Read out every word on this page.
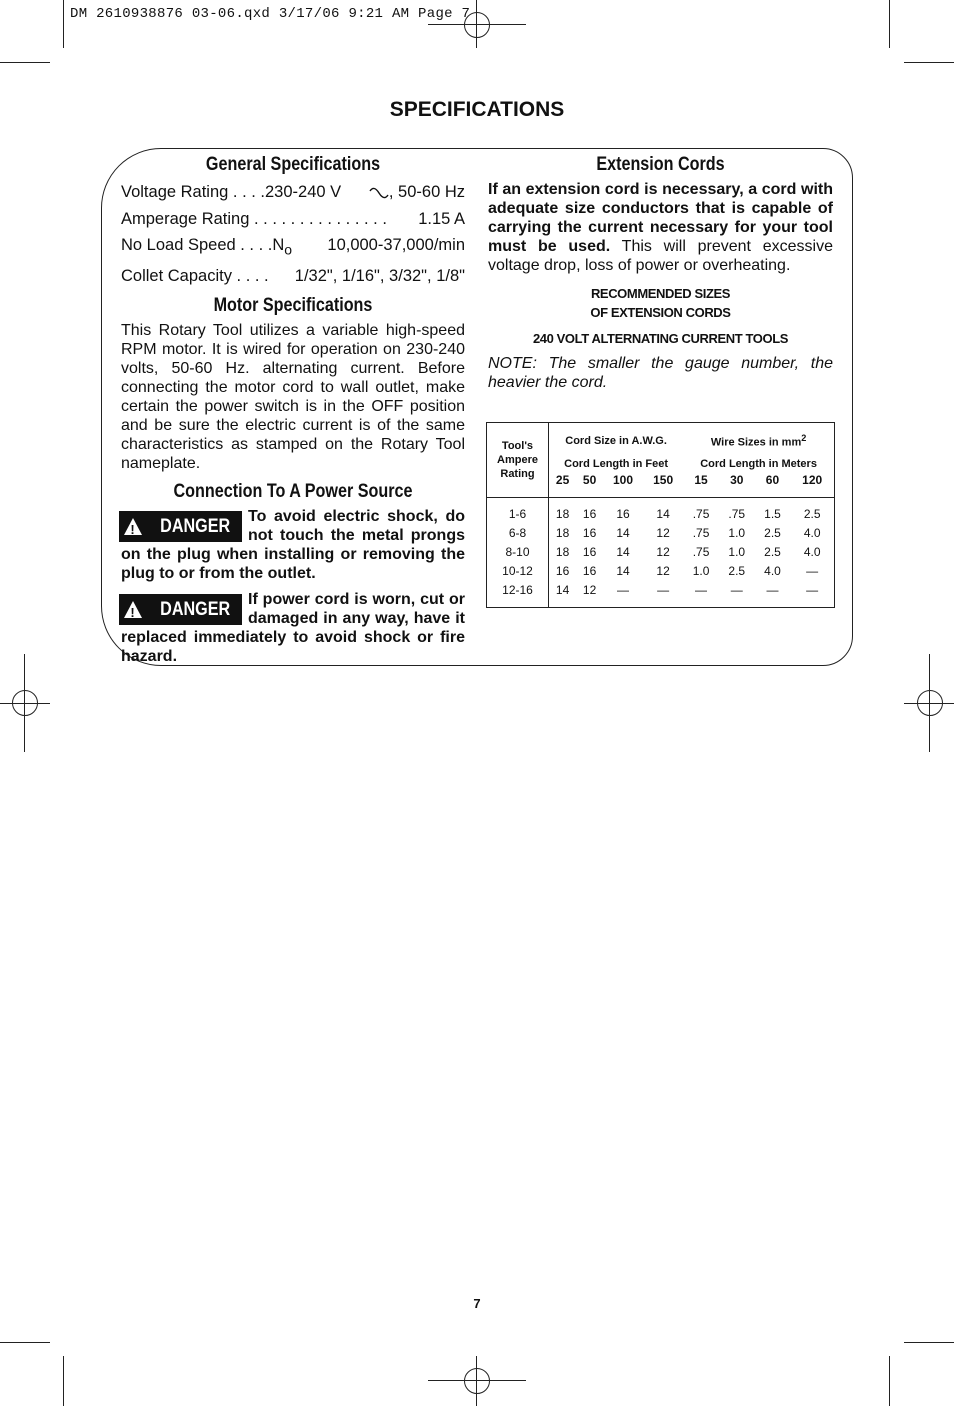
DM 2610938876 03-06.qxd 3/17/06 9:21 AM Page 7
SPECIFICATIONS
General Specifications
Voltage Rating . . . .230-240 V	, 50-60 Hz
Amperage Rating . . . . . . . . . . . . . . . 1.15 A
No Load Speed . . . $.N_o$ 10,000-37,000/min
Collet Capacity . . . . 1/32", 1/16", 3/32", 1/8"
Motor Specifications

This Rotary Tool utilizes a variable high-speed RPM motor. It is wired for operation on 230-240 volts, 50-60 Hz. alternating current. Before connecting the motor cord to wall outlet, make certain the power switch is in the OFF position and be sure the electric current is of the same characteristics as stamped on the Rotary Tool nameplate.

Connection To A Power Source
! DANGER To avoid electric shock, do not touch the metal prongs on the plug when installing or removing the plug to or from the outlet.
! DANGER If power cord is worn, cut or damaged in any way, have it replaced immediately to avoid shock or fire hazard.
Extension Cords

If an extension cord is necessary, a cord with adequate size conductors that is capable of carrying the current necessary for your tool must be used. This will prevent excessive voltage drop, loss of power or overheating.

RECOMMENDED SIZES
OF EXTENSION CORDS
240 VOLT ALTERNATING CURRENT TOOLS

NOTE: The smaller the gauge number, the heavier the cord.

Tool's
Ampere
Rating	Cord Size in A.W.G.				Wire Sizes in $mm^2$
	Cord Length in Feet				Cord Length in Meters			
	25	50	100	150	15	30	60	120
1-6	18	16	16	14	.75	.75	1.5	2.5
6-8	18	16	14	12	.75	1.0	2.5	4.0
8-10	18	16	14	12	.75	1.0	2.5	4.0
10-12	16	16	14	12	1.0	2.5	4.0	—
12-16	14	12	—	—	—	—	—	—
7
